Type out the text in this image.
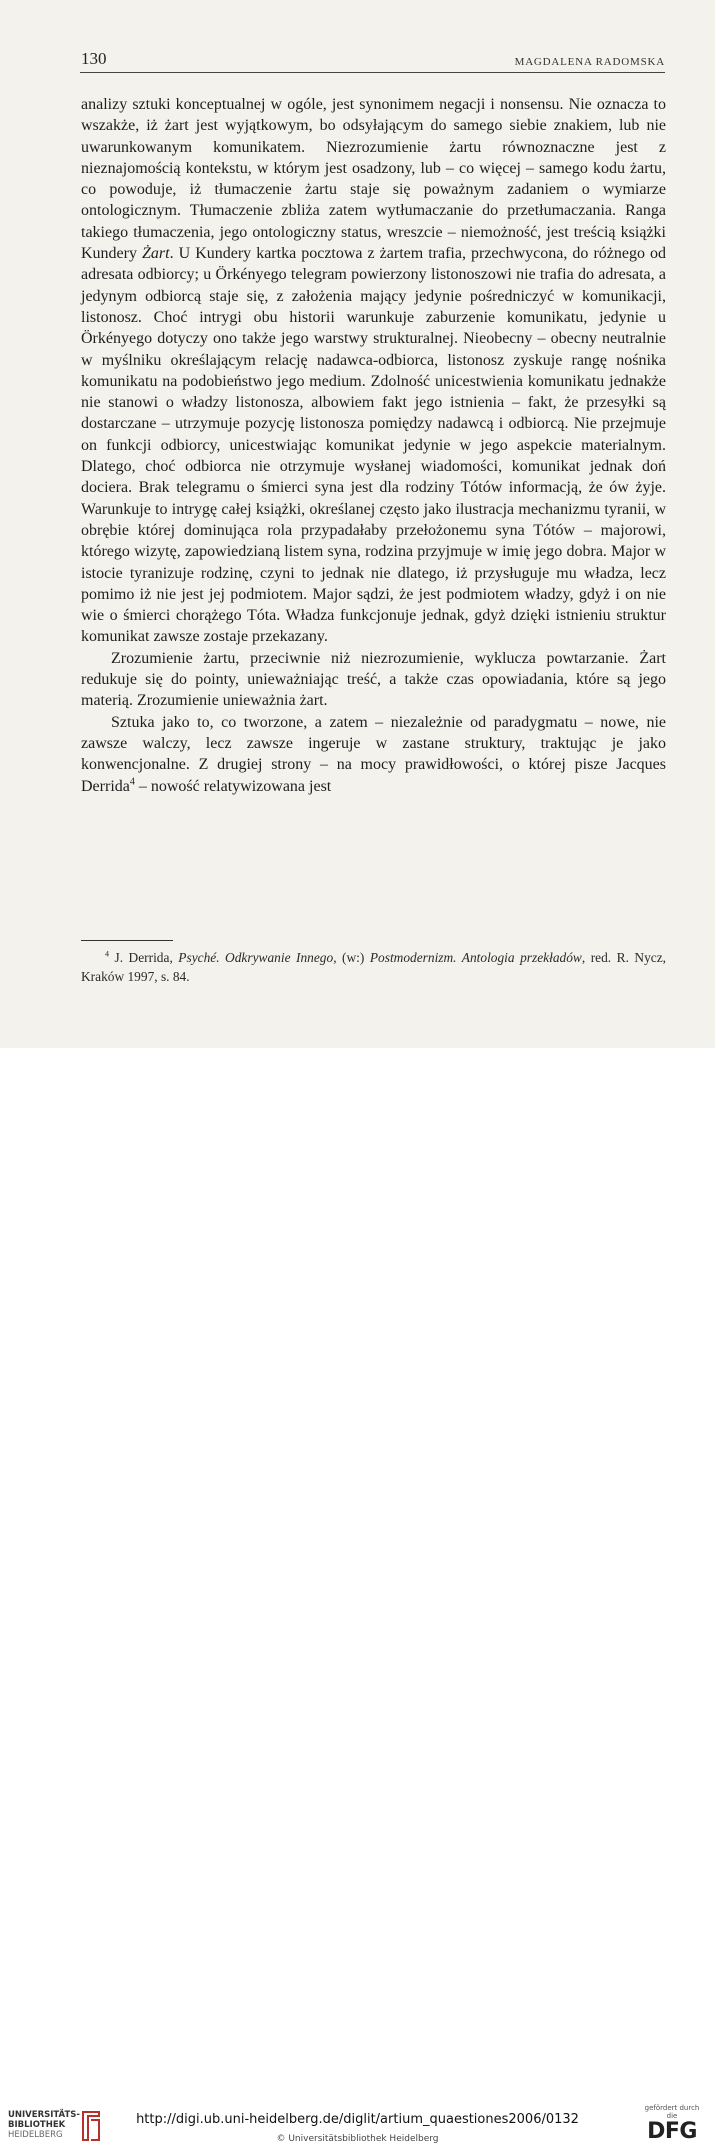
130	MAGDALENA RADOMSKA

analizy sztuki konceptualnej w ogóle, jest synonimem negacji i nonsensu. Nie oznacza to wszakże, iż żart jest wyjątkowym, bo odsyłającym do samego siebie znakiem, lub nie uwarunkowanym komunikatem. Niezrozumienie żartu równoznaczne jest z nieznajomością kontekstu, w którym jest osadzony, lub – co więcej – samego kodu żartu, co powoduje, iż tłumaczenie żartu staje się poważnym zadaniem o wymiarze ontologicznym. Tłumaczenie zbliża zatem wytłumaczanie do przetłumaczania. Ranga takiego tłumaczenia, jego ontologiczny status, wreszcie – niemożność, jest treścią książki Kundery Żart. U Kundery kartka pocztowa z żartem trafia, przechwycona, do różnego od adresata odbiorcy; u Örkényego telegram powierzony listonoszowi nie trafia do adresata, a jedynym odbiorcą staje się, z założenia mający jedynie pośredniczyć w komunikacji, listonosz. Choć intrygi obu historii warunkuje zaburzenie komunikatu, jedynie u Örkényego dotyczy ono także jego warstwy strukturalnej. Nieobecny – obecny neutralnie w myślniku określającym relację nadawca-odbiorca, listonosz zyskuje rangę nośnika komunikatu na podobieństwo jego medium. Zdolność unicestwienia komunikatu jednakże nie stanowi o władzy listonosza, albowiem fakt jego istnienia – fakt, że przesyłki są dostarczane – utrzymuje pozycję listonosza pomiędzy nadawcą i odbiorcą. Nie przejmuje on funkcji odbiorcy, unicestwiając komunikat jedynie w jego aspekcie materialnym. Dlatego, choć odbiorca nie otrzymuje wysłanej wiadomości, komunikat jednak doń dociera. Brak telegramu o śmierci syna jest dla rodziny Tótów informacją, że ów żyje. Warunkuje to intrygę całej książki, określanej często jako ilustracja mechanizmu tyranii, w obrębie której dominująca rola przypadałaby przełożonemu syna Tótów – majorowi, którego wizytę, zapowiedzianą listem syna, rodzina przyjmuje w imię jego dobra. Major w istocie tyranizuje rodzinę, czyni to jednak nie dlatego, iż przysługuje mu władza, lecz pomimo iż nie jest jej podmiotem. Major sądzi, że jest podmiotem władzy, gdyż i on nie wie o śmierci chorążego Tóta. Władza funkcjonuje jednak, gdyż dzięki istnieniu struktur komunikat zawsze zostaje przekazany.

Zrozumienie żartu, przeciwnie niż niezrozumienie, wyklucza powtarzanie. Żart redukuje się do pointy, unieważniając treść, a także czas opowiadania, które są jego materią. Zrozumienie unieważnia żart.

Sztuka jako to, co tworzone, a zatem – niezależnie od paradygmatu – nowe, nie zawsze walczy, lecz zawsze ingeruje w zastane struktury, traktując je jako konwencjonalne. Z drugiej strony – na mocy prawidłowości, o której pisze Jacques Derrida$^4$ – nowość relatywizowana jest

$^4$ J. Derrida, Psyché. Odkrywanie Innego, (w:) Postmodernizm. Antologia przekładów, red. R. Nycz, Kraków 1997, s. 84.
UNIVERSITÄTS-
BIBLIOTHEK
HEIDELBERG
http://digi.ub.uni-heidelberg.de/diglit/artium_quaestiones2006/0132
© Universitätsbibliothek Heidelberg
gefördert durch die
DFG
